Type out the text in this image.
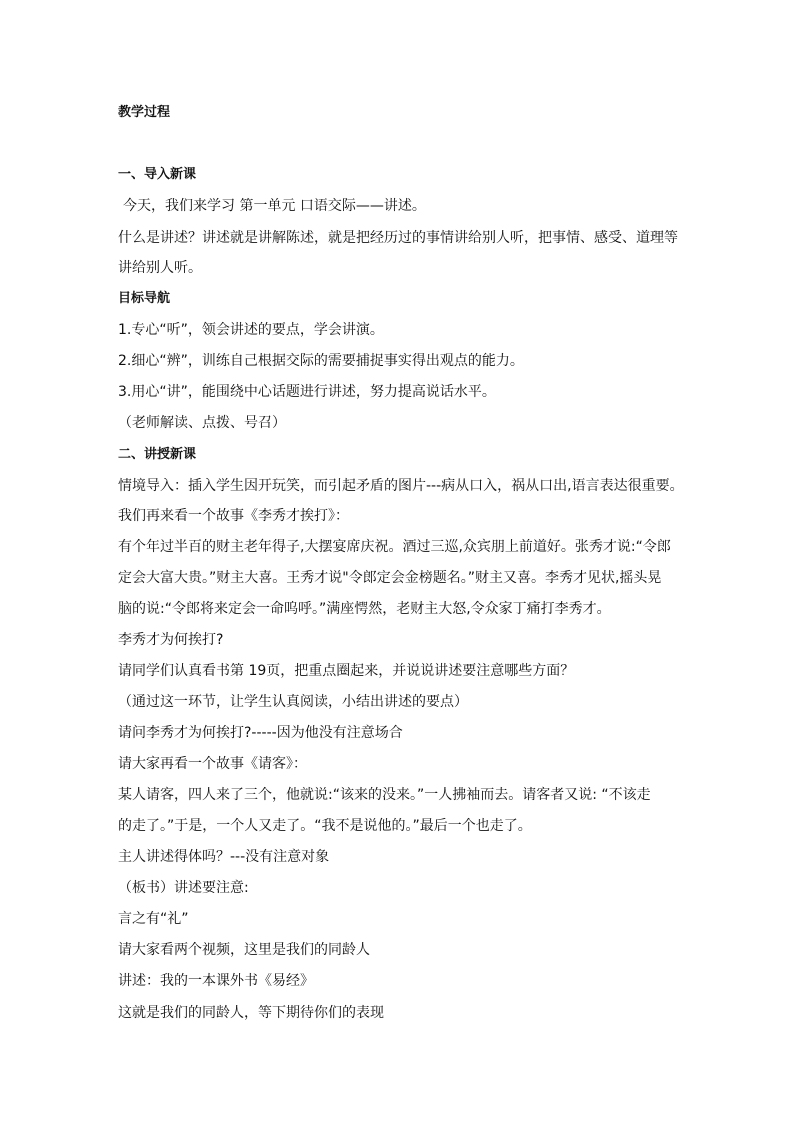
教学过程
一、导入新课
今天，我们来学习 第一单元 口语交际——讲述。
什么是讲述？讲述就是讲解陈述，就是把经历过的事情讲给别人听，把事情、感受、道理等
讲给别人听。
目标导航
1.专心“听”，领会讲述的要点，学会讲演。
2.细心“辨”，训练自己根据交际的需要捕捉事实得出观点的能力。
3.用心“讲”，能围绕中心话题进行讲述，努力提高说话水平。
（老师解读、点拨、号召）
二、讲授新课
情境导入：插入学生因开玩笑，而引起矛盾的图片---病从口入，祸从口出,语言表达很重要。
我们再来看一个故事《李秀才挨打》：
有个年过半百的财主老年得子,大摆宴席庆祝。酒过三巡,众宾朋上前道好。张秀才说:“令郎
定会大富大贵。”财主大喜。王秀才说"令郎定会金榜题名。”财主又喜。李秀才见状,摇头晃
脑的说:“令郎将来定会一命呜呼。”满座愕然，老财主大怒,令众家丁痛打李秀才。
李秀才为何挨打?
请同学们认真看书第 19页，把重点圈起来，并说说讲述要注意哪些方面？
（通过这一环节，让学生认真阅读，小结出讲述的要点）
请问李秀才为何挨打?-----因为他没有注意场合
请大家再看一个故事《请客》：
某人请客，四人来了三个，他就说:“该来的没来。”一人拂袖而去。请客者又说: “不该走
的走了。”于是，一个人又走了。“我不是说他的。”最后一个也走了。
主人讲述得体吗？---没有注意对象
（板书）讲述要注意:
言之有“礼”
请大家看两个视频，这里是我们的同龄人
讲述：我的一本课外书《易经》
这就是我们的同龄人，等下期待你们的表现
